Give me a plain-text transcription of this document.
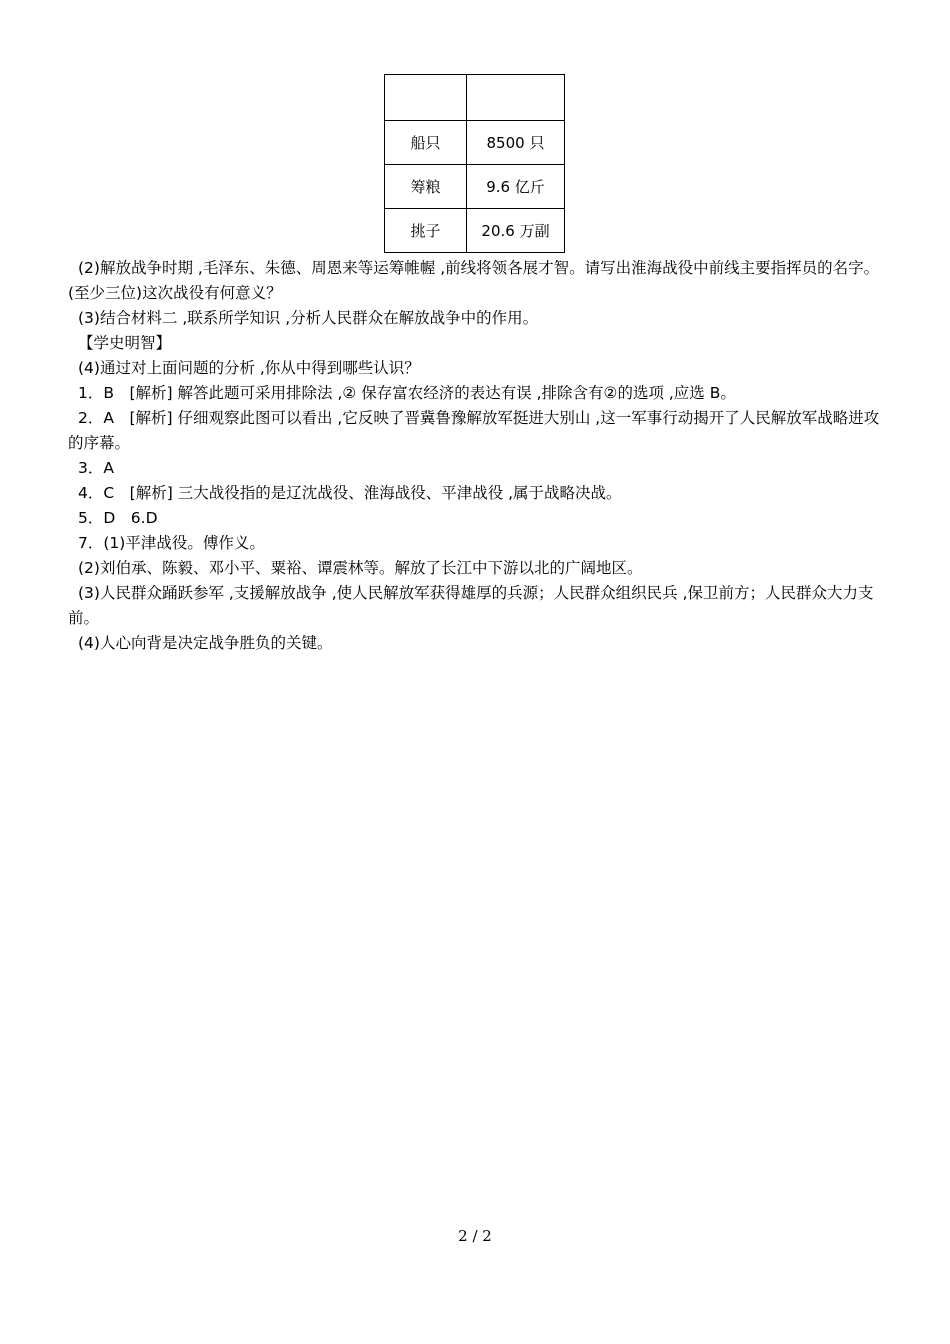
船只	8500 只
筹粮	9.6 亿斤
挑子	20.6 万副

(2)解放战争时期 ,毛泽东、朱德、周恩来等运筹帷幄 ,前线将领各展才智。请写出淮海战役中前线主要指挥员的名字。(至少三位)这次战役有何意义？

(3)结合材料二 ,联系所学知识 ,分析人民群众在解放战争中的作用。

【学史明智】

(4)通过对上面问题的分析 ,你从中得到哪些认识？

1．B　[解析] 解答此题可采用排除法 ,② 保存富农经济的表达有误 ,排除含有②的选项 ,应选 B。

2．A　[解析] 仔细观察此图可以看出 ,它反映了晋冀鲁豫解放军挺进大别山 ,这一军事行动揭开了人民解放军战略进攻的序幕。

3．A

4．C　[解析] 三大战役指的是辽沈战役、淮海战役、平津战役 ,属于战略决战。

5．D　6.D

7．(1)平津战役。傅作义。

(2)刘伯承、陈毅、邓小平、粟裕、谭震林等。解放了长江中下游以北的广阔地区。

(3)人民群众踊跃参军 ,支援解放战争 ,使人民解放军获得雄厚的兵源；人民群众组织民兵 ,保卫前方；人民群众大力支前。

(4)人心向背是决定战争胜负的关键。

2 / 2
